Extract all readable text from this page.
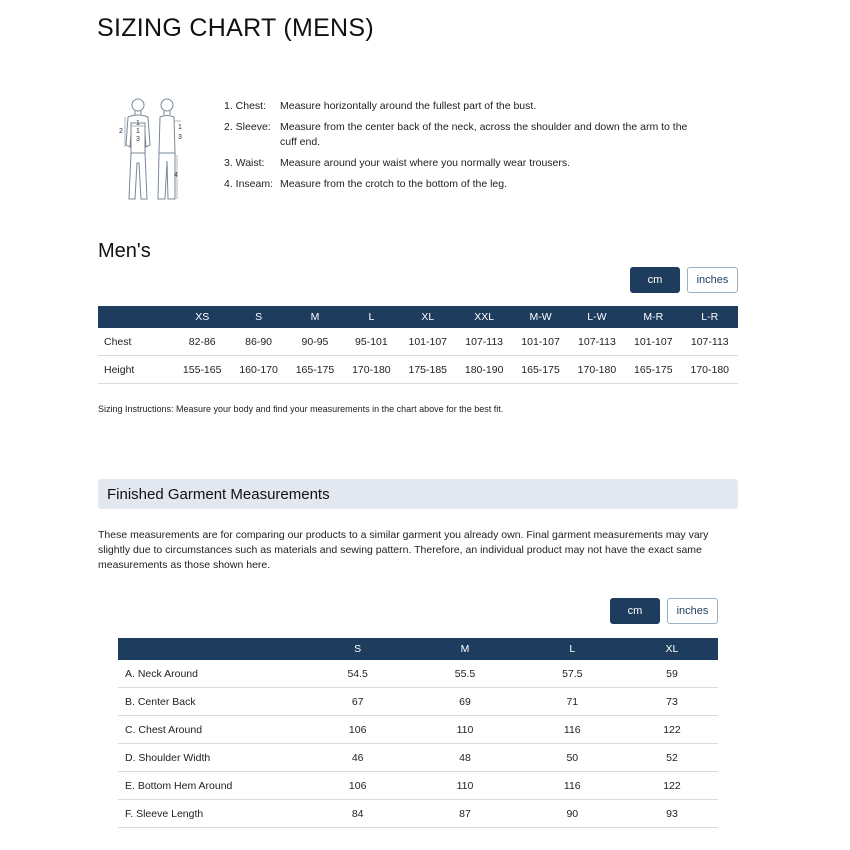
SIZING CHART (MENS)
1
2 1
3
1
3
4
1. Chest:	Measure horizontally around the fullest part of the bust.
2. Sleeve: Measure from the center back of the neck, across the shoulder and down the arm to the cuff end.
3. Waist:	Measure around your waist where you normally wear trousers.
4. Inseam: Measure from the crotch to the bottom of the leg.
Men's
cm	inches
	XS	S	M	L	XL	XXL	M-W	L-W	M-R	L-R
Chest	82-86	86-90	90-95	95-101	101-107	107-113	101-107	107-113	101-107	107-113
Height	155-165	160-170	165-175	170-180	175-185	180-190	165-175	170-180	165-175	170-180
Sizing Instructions: Measure your body and find your measurements in the chart above for the best fit.
Finished Garment Measurements

These measurements are for comparing our products to a similar garment you already own. Final garment measurements may vary slightly due to circumstances such as materials and sewing pattern. Therefore, an individual product may not have the exact same measurements as those shown here.

cm	inches
	S	M	L	XL
A. Neck Around	54.5	55.5	57.5	59
B. Center Back	67	69	71	73
C. Chest Around	106	110	116	122
D. Shoulder Width	46	48	50	52
E. Bottom Hem Around	106	110	116	122
F. Sleeve Length	84	87	90	93
